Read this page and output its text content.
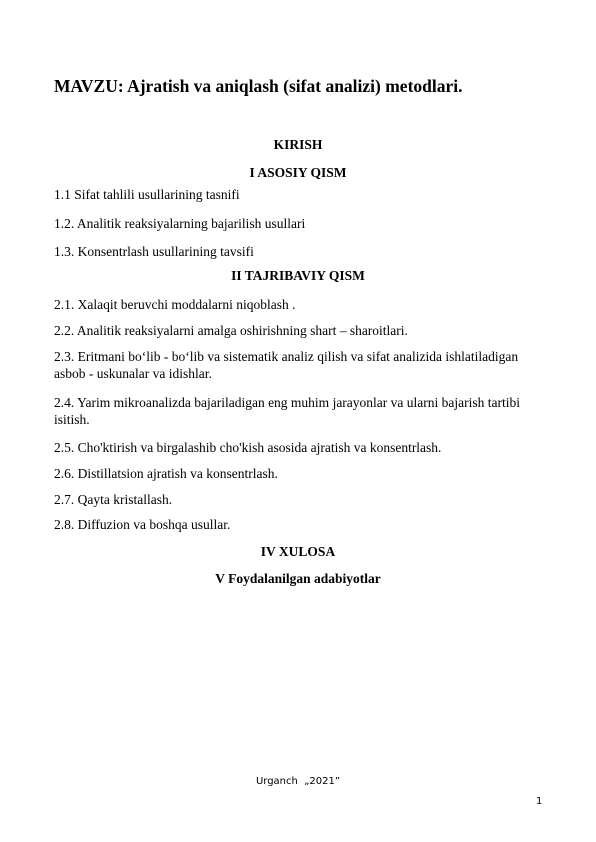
MAVZU: Ajratish va aniqlash (sifat analizi) metodlari.
KIRISH
I ASOSIY QISM
1.1 Sifat tahlili usullarining tasnifi
1.2. Analitik reaksiyalarning bajarilish usullari
1.3. Konsentrlash usullarining tavsifi
II TAJRIBAVIY QISM
2.1. Xalaqit beruvchi moddalarni niqoblash .
2.2. Analitik reaksiyalarni amalga oshirishning shart – sharoitlari.
2.3. Eritmani bo‘lib - bo‘lib va sistematik analiz qilish va sifat analizida ishlatiladigan asbob - uskunalar va idishlar.
2.4. Yarim mikroanalizda bajariladigan eng muhim jarayonlar va ularni bajarish tartibi isitish.
2.5. Cho'ktirish va birgalashib cho'kish asosida ajratish va konsentrlash.
2.6. Distillatsion ajratish va konsentrlash.
2.7. Qayta kristallash.
2.8. Diffuzion va boshqa usullar.
IV XULOSA
V Foydalanilgan adabiyotlar
Urganch  „2021”
1
